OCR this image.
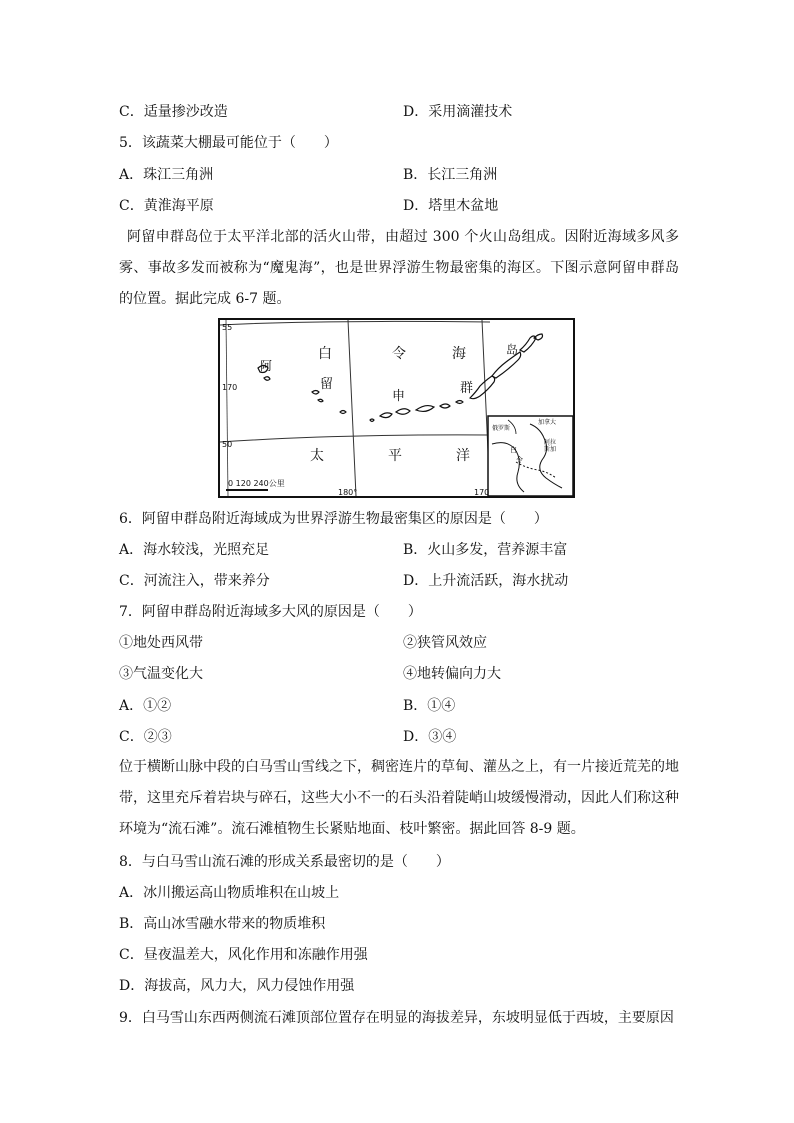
C．适量掺沙改造	D．采用滴灌技术
5．该蔬菜大棚最可能位于（　　）
A．珠江三角洲	B．长江三角洲
C．黄淮海平原	D．塔里木盆地
阿留申群岛位于太平洋北部的活火山带，由超过 300 个火山岛组成。因附近海域多风多雾、事故多发而被称为“魔鬼海”，也是世界浮游生物最密集的海区。下图示意阿留申群岛的位置。据此完成 6-7 题。
55
50
170
180°	170
白	令	海
阿
留
申
群
岛
太	平	洋
0 120 240公里
俄罗斯
阿拉
斯加
加拿大
白
令
6．阿留申群岛附近海域成为世界浮游生物最密集区的原因是（　　）
A．海水较浅，光照充足	B．火山多发，营养源丰富
C．河流注入，带来养分	D．上升流活跃，海水扰动
7．阿留申群岛附近海域多大风的原因是（　　）
①地处西风带	②狭管风效应
③气温变化大	④地转偏向力大
A．①②	B．①④
C．②③	D．③④
位于横断山脉中段的白马雪山雪线之下，稠密连片的草甸、灌丛之上，有一片接近荒芜的地带，这里充斥着岩块与碎石，这些大小不一的石头沿着陡峭山坡缓慢滑动，因此人们称这种环境为“流石滩”。流石滩植物生长紧贴地面、枝叶繁密。据此回答 8-9 题。
8．与白马雪山流石滩的形成关系最密切的是（　　）
A．冰川搬运高山物质堆积在山坡上
B．高山冰雪融水带来的物质堆积
C．昼夜温差大，风化作用和冻融作用强
D．海拔高，风力大，风力侵蚀作用强
9．白马雪山东西两侧流石滩顶部位置存在明显的海拔差异，东坡明显低于西坡，主要原因
